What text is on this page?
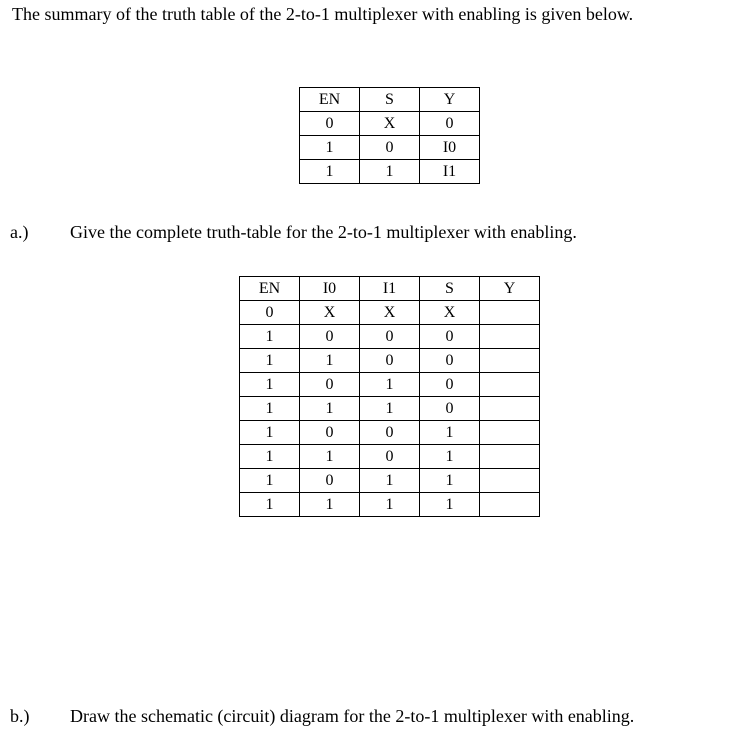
The summary of the truth table of the 2-to-1 multiplexer with enabling is given below.
EN	S	Y
0	X	0
1	0	I0
1	1	I1
a.) Give the complete truth-table for the 2-to-1 multiplexer with enabling.
EN	I0	I1	S	Y
0	X	X	X	
1	0	0	0	
1	1	0	0	
1	0	1	0	
1	1	1	0	
1	0	0	1	
1	1	0	1	
1	0	1	1	
1	1	1	1	
b.) Draw the schematic (circuit) diagram for the 2-to-1 multiplexer with enabling.
